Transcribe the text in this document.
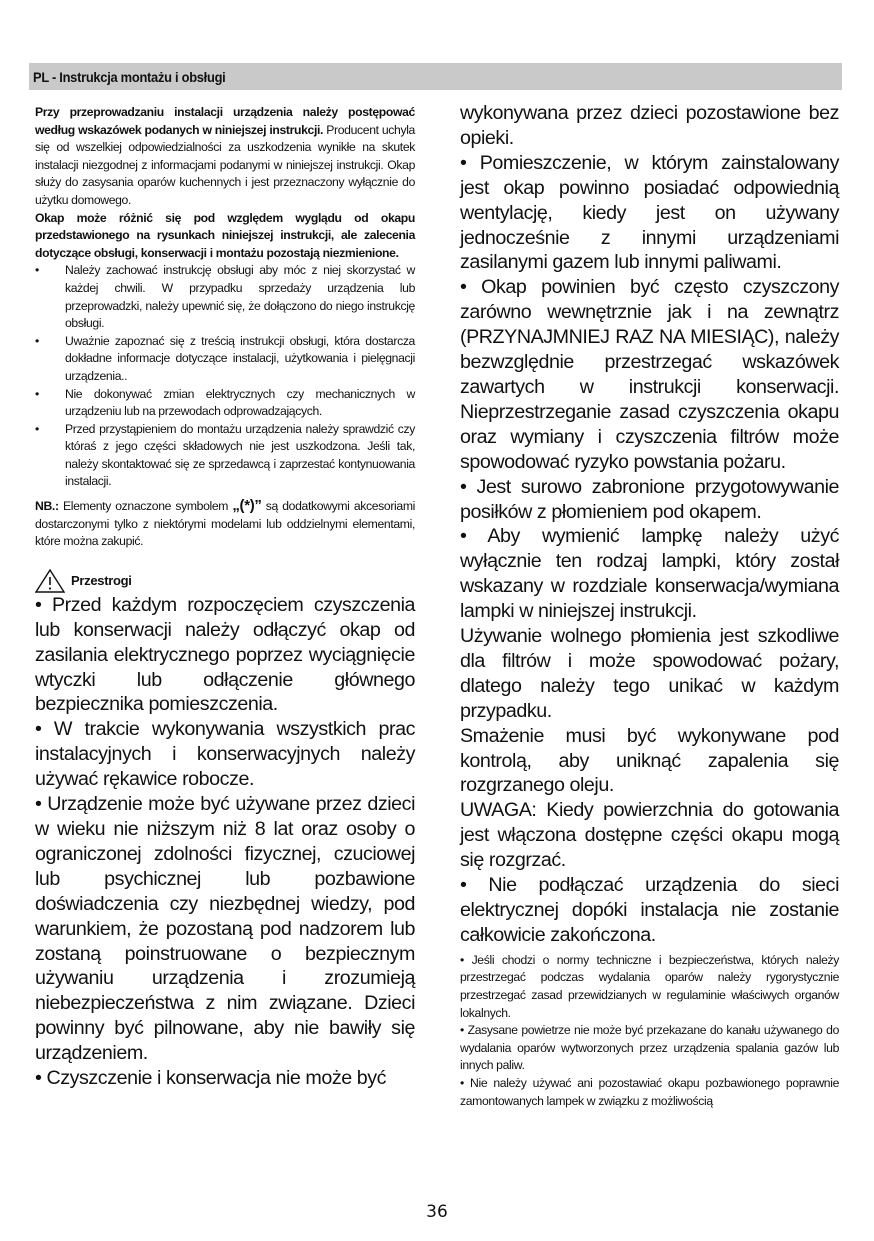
PL - Instrukcja montażu i obsługi

Przy przeprowadzaniu instalacji urządzenia należy postępować według wskazówek podanych w niniejszej instrukcji. Producent uchyla się od wszelkiej odpowiedzialności za uszkodzenia wynikłe na skutek instalacji niezgodnej z informacjami podanymi w niniejszej instrukcji. Okap służy do zasysania oparów kuchennych i jest przeznaczony wyłącznie do użytku domowego.

Okap może różnić się pod względem wyglądu od okapu przedstawionego na rysunkach niniejszej instrukcji, ale zalecenia dotyczące obsługi, konserwacji i montażu pozostają niezmienione.

• Należy zachować instrukcję obsługi aby móc z niej skorzystać w każdej chwili. W przypadku sprzedaży urządzenia lub przeprowadzki, należy upewnić się, że dołączono do niego instrukcję obsługi.
• Uważnie zapoznać się z treścią instrukcji obsługi, która dostarcza dokładne informacje dotyczące instalacji, użytkowania i pielęgnacji urządzenia..
• Nie dokonywać zmian elektrycznych czy mechanicznych w urządzeniu lub na przewodach odprowadzających.
• Przed przystąpieniem do montażu urządzenia należy sprawdzić czy któraś z jego części składowych nie jest uszkodzona. Jeśli tak, należy skontaktować się ze sprzedawcą i zaprzestać kontynuowania instalacji.

NB.: Elementy oznaczone symbolem „(*)” są dodatkowymi akcesoriami dostarczonymi tylko z niektórymi modelami lub oddzielnymi elementami, które można zakupić.

Przestrogi

• Przed każdym rozpoczęciem czyszczenia lub konserwacji należy odłączyć okap od zasilania elektrycznego poprzez wyciągnięcie wtyczki lub odłączenie głównego bezpiecznika pomieszczenia.

• W trakcie wykonywania wszystkich prac instalacyjnych i konserwacyjnych należy używać rękawice robocze.

• Urządzenie może być używane przez dzieci w wieku nie niższym niż 8 lat oraz osoby o ograniczonej zdolności fizycznej, czuciowej lub psychicznej lub pozbawione doświadczenia czy niezbędnej wiedzy, pod warunkiem, że pozostaną pod nadzorem lub zostaną poinstruowane o bezpiecznym używaniu urządzenia i zrozumieją niebezpieczeństwa z nim związane. Dzieci powinny być pilnowane, aby nie bawiły się urządzeniem.

• Czyszczenie i konserwacja nie może być

wykonywana przez dzieci pozostawione bez opieki.

• Pomieszczenie, w którym zainstalowany jest okap powinno posiadać odpowiednią wentylację, kiedy jest on używany jednocześnie z innymi urządzeniami zasilanymi gazem lub innymi paliwami.

• Okap powinien być często czyszczony zarówno wewnętrznie jak i na zewnątrz (PRZYNAJMNIEJ RAZ NA MIESIĄC), należy bezwzględnie przestrzegać wskazówek zawartych w instrukcji konserwacji. Nieprzestrzeganie zasad czyszczenia okapu oraz wymiany i czyszczenia filtrów może spowodować ryzyko powstania pożaru.

• Jest surowo zabronione przygotowywanie posiłków z płomieniem pod okapem.

• Aby wymienić lampkę należy użyć wyłącznie ten rodzaj lampki, który został wskazany w rozdziale konserwacja/wymiana lampki w niniejszej instrukcji.

Używanie wolnego płomienia jest szkodliwe dla filtrów i może spowodować pożary, dlatego należy tego unikać w każdym przypadku.

Smażenie musi być wykonywane pod kontrolą, aby uniknąć zapalenia się rozgrzanego oleju.

UWAGA: Kiedy powierzchnia do gotowania jest włączona dostępne części okapu mogą się rozgrzać.

• Nie podłączać urządzenia do sieci elektrycznej dopóki instalacja nie zostanie całkowicie zakończona.

• Jeśli chodzi o normy techniczne i bezpieczeństwa, których należy przestrzegać podczas wydalania oparów należy rygorystycznie przestrzegać zasad przewidzianych w regulaminie właściwych organów lokalnych.

• Zasysane powietrze nie może być przekazane do kanału używanego do wydalania oparów wytworzonych przez urządzenia spalania gazów lub innych paliw.

• Nie należy używać ani pozostawiać okapu pozbawionego poprawnie zamontowanych lampek w związku z możliwością

36
